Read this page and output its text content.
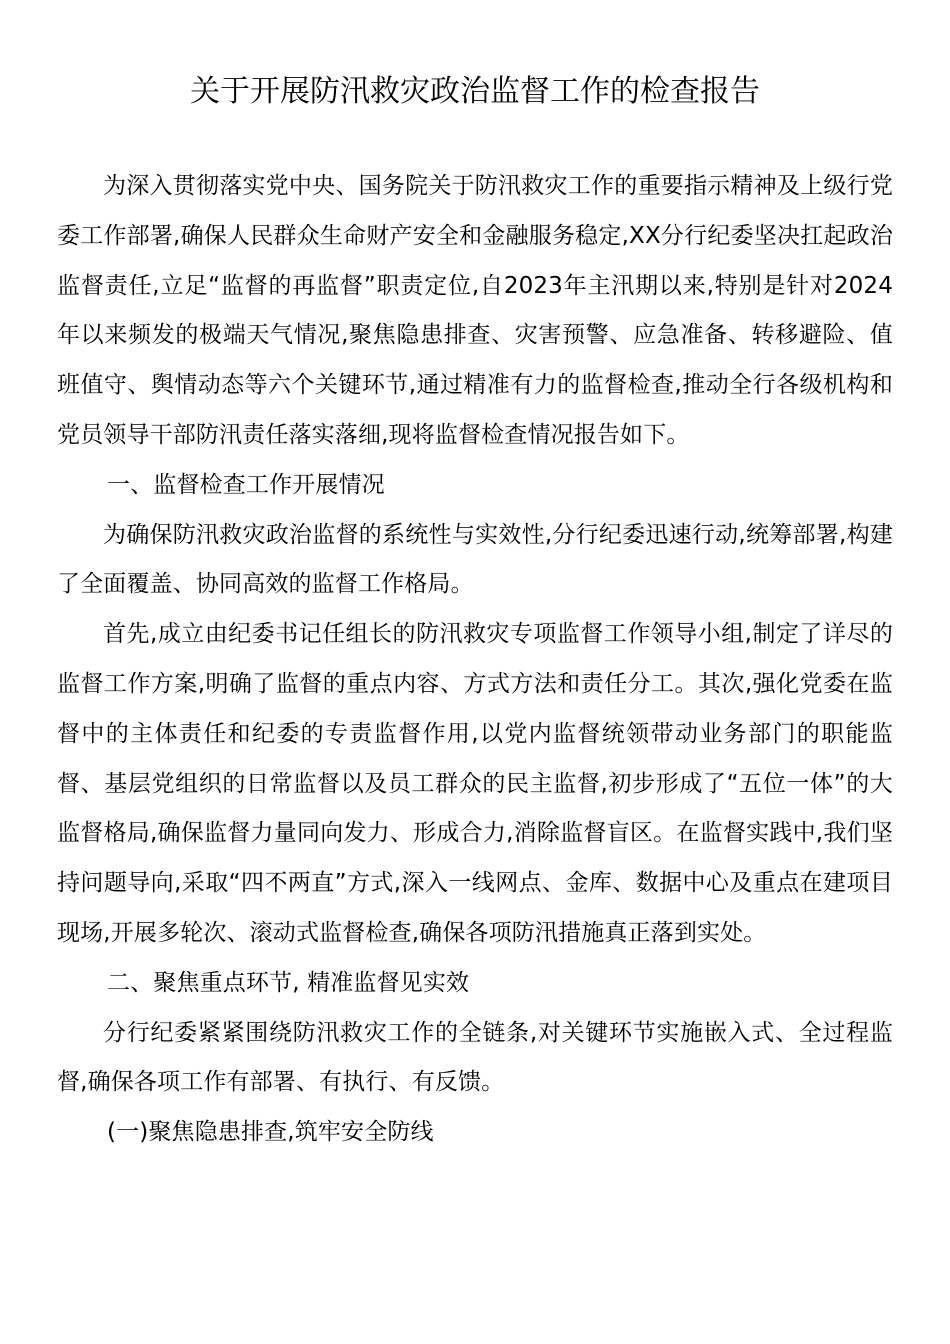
关于开展防汛救灾政治监督工作的检查报告

为深入贯彻落实党中央、国务院关于防汛救灾工作的重要指示精神及上级行党委工作部署,确保人民群众生命财产安全和金融服务稳定,XX分行纪委坚决扛起政治监督责任,立足“监督的再监督”职责定位,自2023年主汛期以来,特别是针对2024年以来频发的极端天气情况,聚焦隐患排查、灾害预警、应急准备、转移避险、值班值守、舆情动态等六个关键环节,通过精准有力的监督检查,推动全行各级机构和党员领导干部防汛责任落实落细,现将监督检查情况报告如下。

一、监督检查工作开展情况

为确保防汛救灾政治监督的系统性与实效性,分行纪委迅速行动,统筹部署,构建了全面覆盖、协同高效的监督工作格局。

首先,成立由纪委书记任组长的防汛救灾专项监督工作领导小组,制定了详尽的监督工作方案,明确了监督的重点内容、方式方法和责任分工。其次,强化党委在监督中的主体责任和纪委的专责监督作用,以党内监督统领带动业务部门的职能监督、基层党组织的日常监督以及员工群众的民主监督,初步形成了“五位一体”的大监督格局,确保监督力量同向发力、形成合力,消除监督盲区。在监督实践中,我们坚持问题导向,采取“四不两直”方式,深入一线网点、金库、数据中心及重点在建项目现场,开展多轮次、滚动式监督检查,确保各项防汛措施真正落到实处。

二、聚焦重点环节, 精准监督见实效

分行纪委紧紧围绕防汛救灾工作的全链条,对关键环节实施嵌入式、全过程监督,确保各项工作有部署、有执行、有反馈。

(一)聚焦隐患排查,筑牢安全防线
